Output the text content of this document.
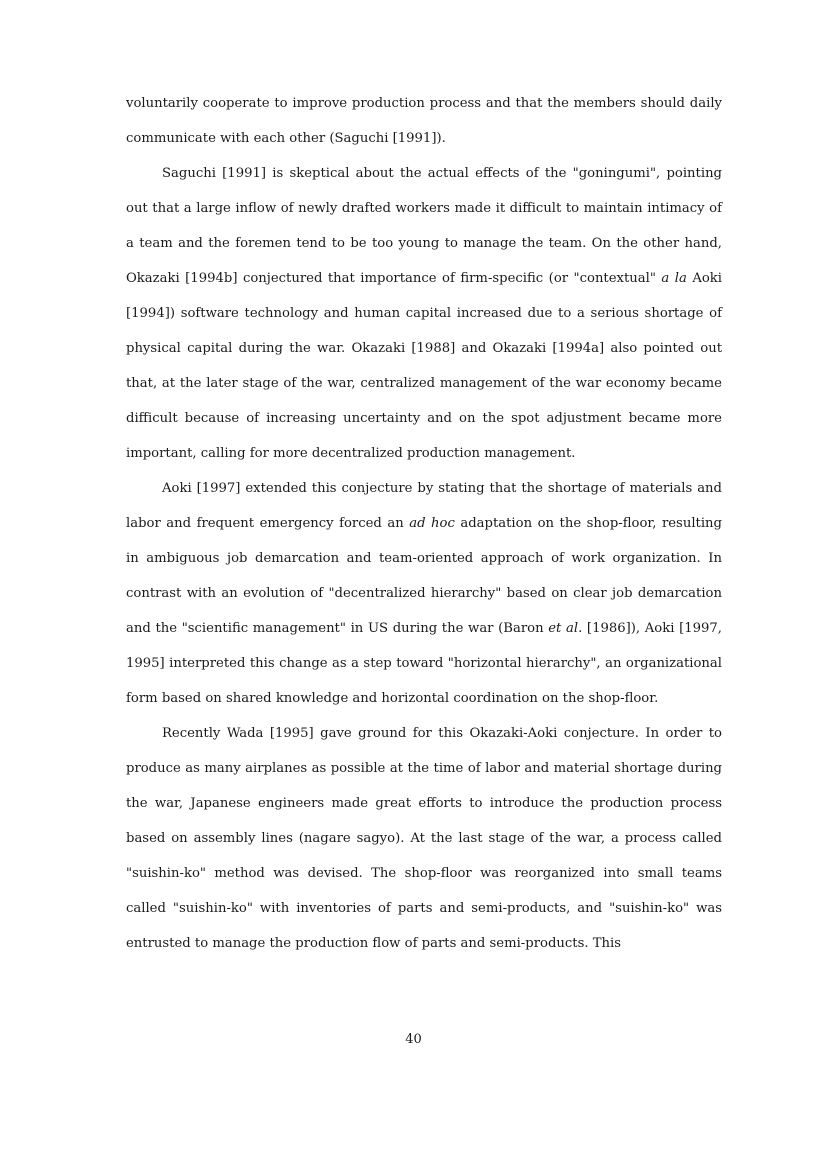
voluntarily cooperate to improve production process and that the members should daily communicate with each other (Saguchi [1991]).

Saguchi [1991] is skeptical about the actual effects of the "goningumi", pointing out that a large inflow of newly drafted workers made it difficult to maintain intimacy of a team and the foremen tend to be too young to manage the team. On the other hand, Okazaki [1994b] conjectured that importance of firm-specific (or "contextual" a la Aoki [1994]) software technology and human capital increased due to a serious shortage of physical capital during the war. Okazaki [1988] and Okazaki [1994a] also pointed out that, at the later stage of the war, centralized management of the war economy became difficult because of increasing uncertainty and on the spot adjustment became more important, calling for more decentralized production management.

Aoki [1997] extended this conjecture by stating that the shortage of materials and labor and frequent emergency forced an ad hoc adaptation on the shop-floor, resulting in ambiguous job demarcation and team-oriented approach of work organization. In contrast with an evolution of "decentralized hierarchy" based on clear job demarcation and the "scientific management" in US during the war (Baron et al. [1986]), Aoki [1997, 1995] interpreted this change as a step toward "horizontal hierarchy", an organizational form based on shared knowledge and horizontal coordination on the shop-floor.

Recently Wada [1995] gave ground for this Okazaki-Aoki conjecture. In order to produce as many airplanes as possible at the time of labor and material shortage during the war, Japanese engineers made great efforts to introduce the production process based on assembly lines (nagare sagyo). At the last stage of the war, a process called "suishin-ko" method was devised. The shop-floor was reorganized into small teams called "suishin-ko" with inventories of parts and semi-products, and "suishin-ko" was entrusted to manage the production flow of parts and semi-products. This

40
